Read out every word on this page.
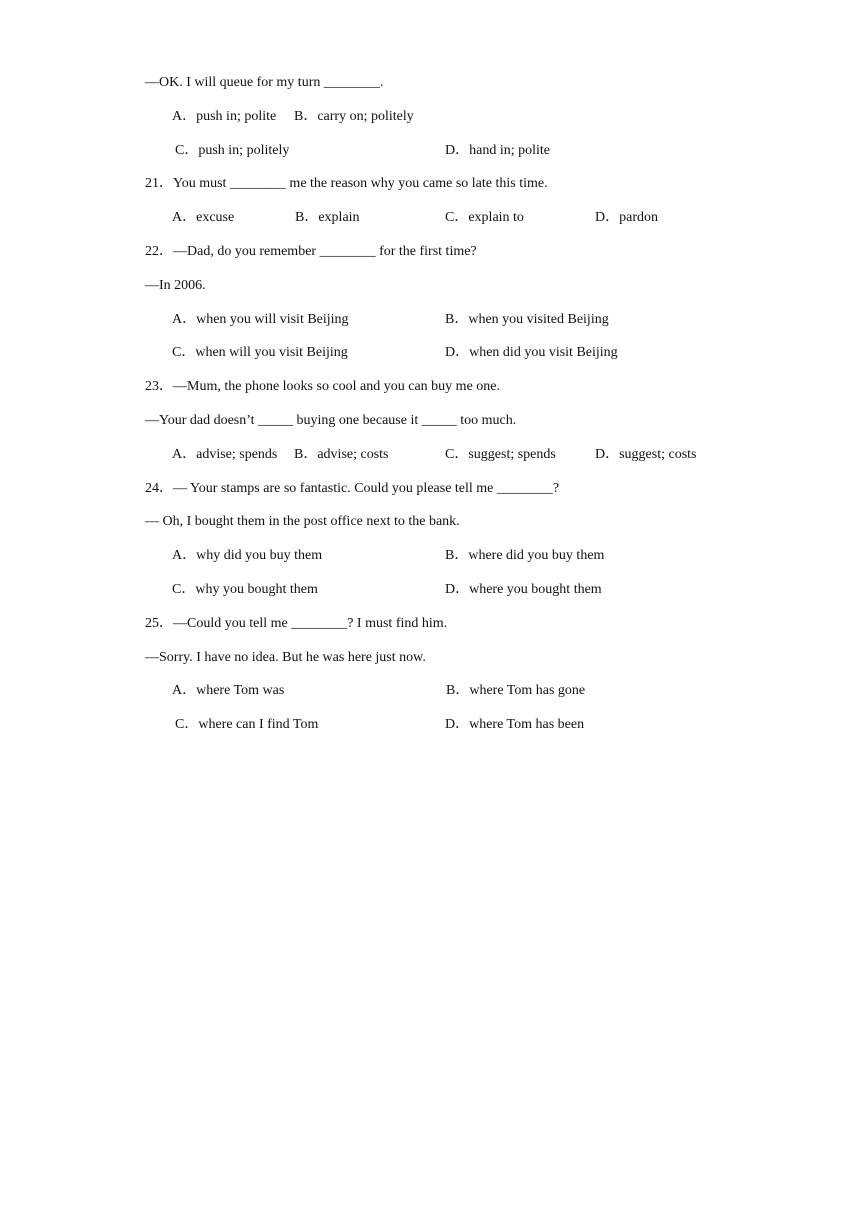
—OK. I will queue for my turn ________.
A．push in; polite B．carry on; politely
C．push in; politely	D．hand in; polite
21．You must ________ me the reason why you came so late this time.
A．excuse	B．explain	C．explain to	D．pardon
22．—Dad, do you remember ________ for the first time?
—In 2006.
A．when you will visit Beijing	B．when you visited Beijing
C．when will you visit Beijing	D．when did you visit Beijing
23．—Mum, the phone looks so cool and you can buy me one.
—Your dad doesn’t _____ buying one because it _____ too much.
A．advise; spends B．advise; costs	C．suggest; spends	D．suggest; costs
24．— Your stamps are so fantastic. Could you please tell me ________?
— Oh, I bought them in the post office next to the bank.
A．why did you buy them	B．where did you buy them
C．why you bought them	D．where you bought them
25．—Could you tell me ________? I must find him.
—Sorry. I have no idea. But he was here just now.
A．where Tom was	B．where Tom has gone
C．where can I find Tom	D．where Tom has been
